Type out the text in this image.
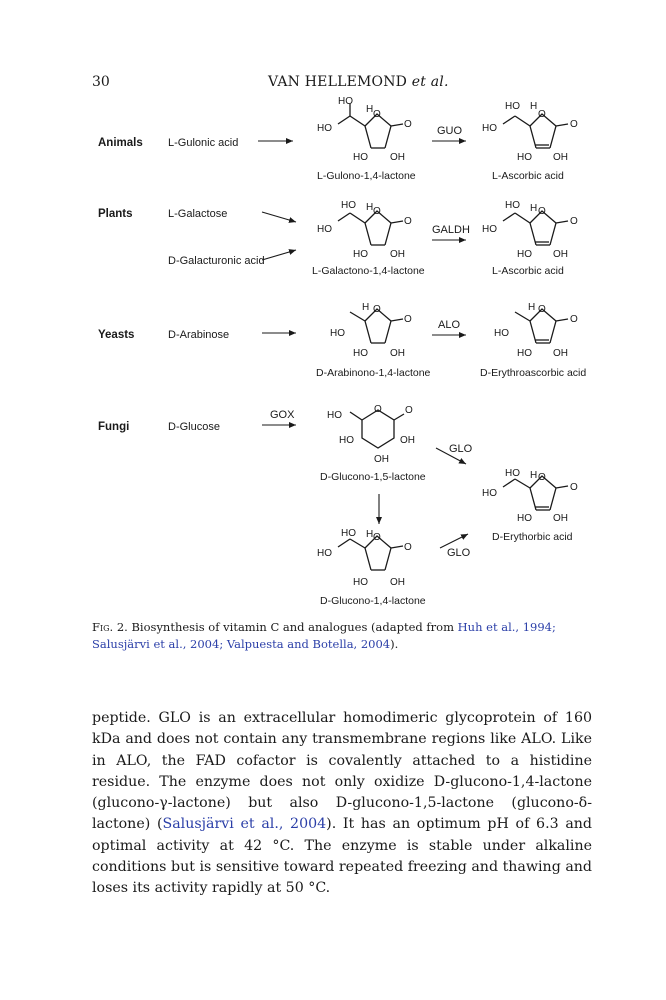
30	VAN HELLEMOND et al.
Animals
Plants
Yeasts
Fungi
L-Gulonic acid
L-Galactose
D-Galacturonic acid
D-Arabinose
D-Glucose
GUO
GALDH
ALO
GOX
GLO
GLO
HO
H O
O
HO
HO OH
L-Gulono-1,4-lactone
HO H
O
O
HO
HO OH
L-Ascorbic acid
HO H O
O
HO
HO OH
L-Galactono-1,4-lactone
HO H O
O
HO
HO OH
L-Ascorbic acid
H O
O
HO
HO OH
D-Arabinono-1,4-lactone
H O
O
HO
HO OH
D-Erythroascorbic acid
O O
HO
HO	OH
OH
D-Glucono-1,5-lactone
HO H O
O
HO
HO OH
D-Glucono-1,4-lactone
HO H O
O
HO
HO OH
D-Erythorbic acid
Fig. 2. Biosynthesis of vitamin C and analogues (adapted from Huh et al., 1994; Salusjärvi et al., 2004; Valpuesta and Botella, 2004).
peptide. GLO is an extracellular homodimeric glycoprotein of 160 kDa and does not contain any transmembrane regions like ALO. Like in ALO, the FAD cofactor is covalently attached to a histidine residue. The enzyme does not only oxidize D-glucono-1,4-lactone (glucono-γ-lactone) but also D-glucono-1,5-lactone (glucono-δ-lactone) (Salusjärvi et al., 2004). It has an optimum pH of 6.3 and optimal activity at 42 °C. The enzyme is stable under alkaline conditions but is sensitive toward repeated freezing and thawing and loses its activity rapidly at 50 °C.
